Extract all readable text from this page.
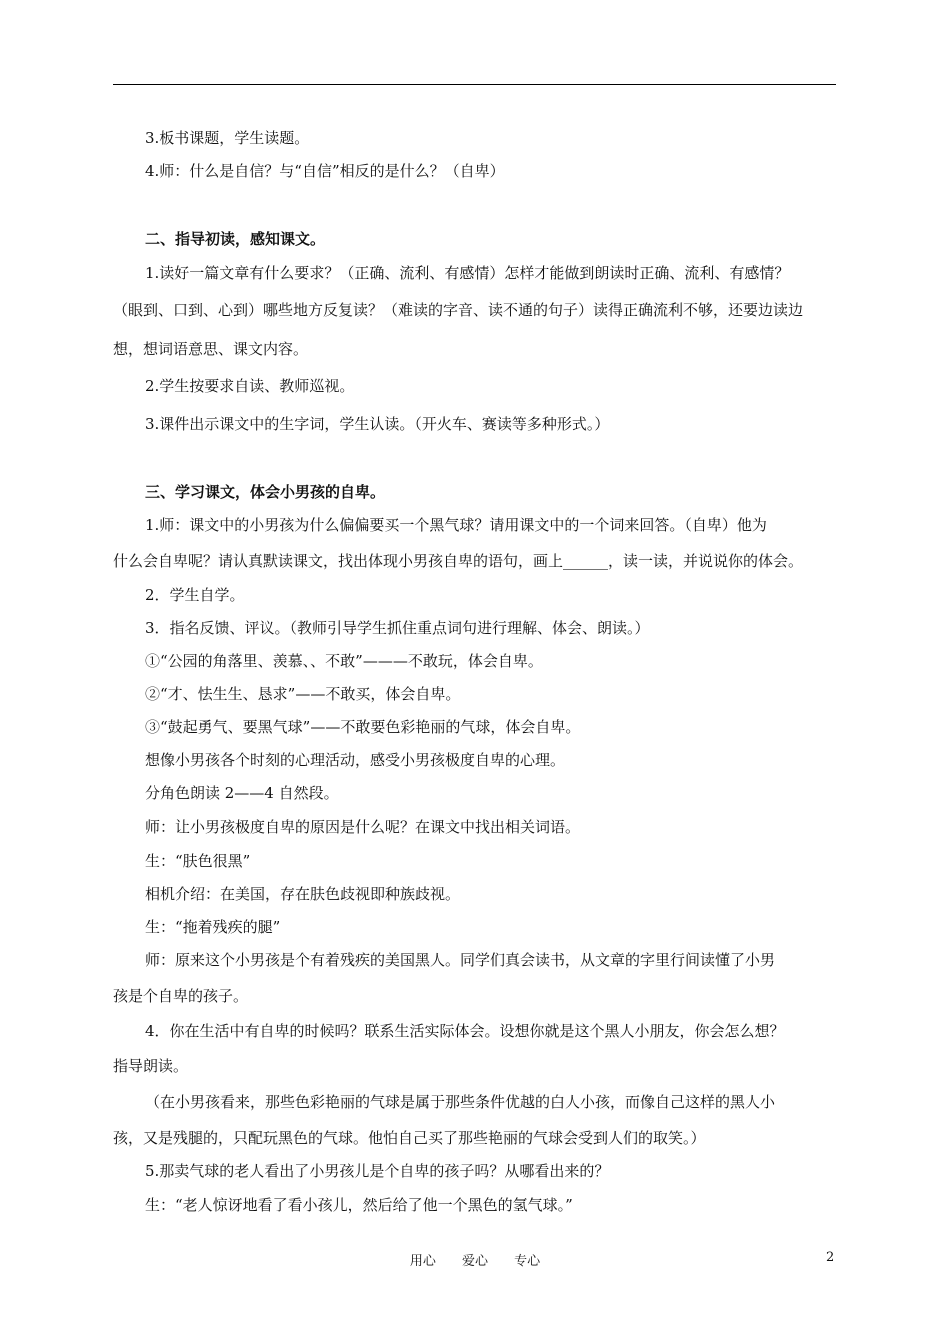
3.板书课题，学生读题。
4.师：什么是自信？与“自信”相反的是什么？（自卑）
二、指导初读，感知课文。
1.读好一篇文章有什么要求？（正确、流利、有感情）怎样才能做到朗读时正确、流利、有感情？
（眼到、口到、心到）哪些地方反复读？（难读的字音、读不通的句子）读得正确流利不够，还要边读边
想，想词语意思、课文内容。
2.学生按要求自读、教师巡视。
3.课件出示课文中的生字词，学生认读。（开火车、赛读等多种形式。）
三、学习课文，体会小男孩的自卑。
1.师：课文中的小男孩为什么偏偏要买一个黑气球？请用课文中的一个词来回答。（自卑）他为
什么会自卑呢？请认真默读课文，找出体现小男孩自卑的语句，画上______，读一读，并说说你的体会。
2．学生自学。
3．指名反馈、评议。（教师引导学生抓住重点词句进行理解、体会、朗读。）
①“公园的角落里、羡慕、、不敢”———不敢玩，体会自卑。
②“才、怯生生、恳求”——不敢买，体会自卑。
③“鼓起勇气、要黑气球”——不敢要色彩艳丽的气球，体会自卑。
想像小男孩各个时刻的心理活动，感受小男孩极度自卑的心理。
分角色朗读 2——4 自然段。
师：让小男孩极度自卑的原因是什么呢？在课文中找出相关词语。
生：“肤色很黑”
相机介绍：在美国，存在肤色歧视即种族歧视。
生：“拖着残疾的腿”
师：原来这个小男孩是个有着残疾的美国黑人。同学们真会读书，从文章的字里行间读懂了小男
孩是个自卑的孩子。
4．你在生活中有自卑的时候吗？联系生活实际体会。设想你就是这个黑人小朋友，你会怎么想？
指导朗读。
（在小男孩看来，那些色彩艳丽的气球是属于那些条件优越的白人小孩，而像自己这样的黑人小
孩，又是残腿的，只配玩黑色的气球。他怕自己买了那些艳丽的气球会受到人们的取笑。）
5.那卖气球的老人看出了小男孩儿是个自卑的孩子吗？从哪看出来的？
生：“老人惊讶地看了看小孩儿，然后给了他一个黑色的氢气球。”
用心 爱心 专心	2
